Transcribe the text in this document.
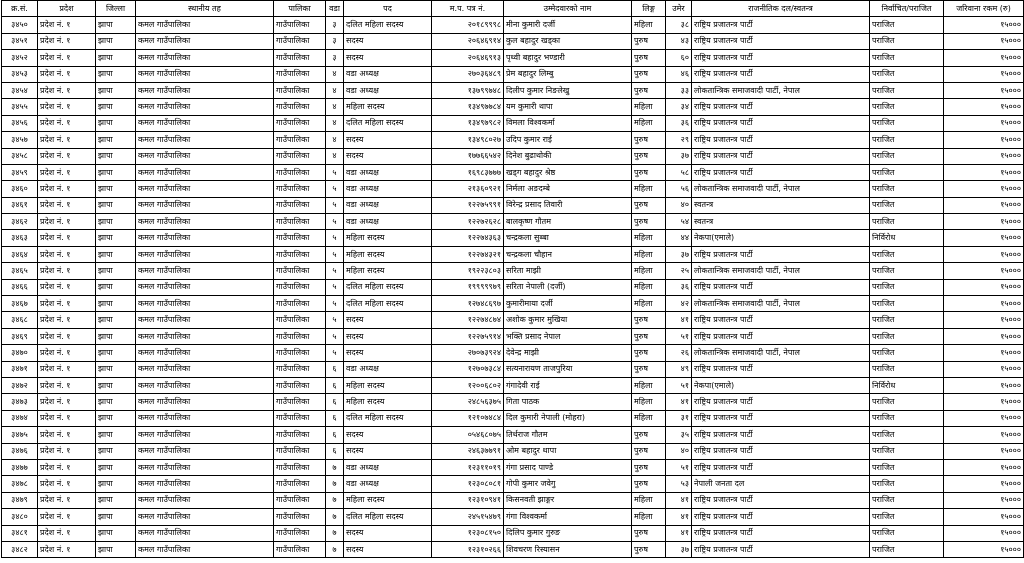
क्र.सं.	प्रदेश	जिल्ला	स्थानीय तह	पालिका	वडा	पद	म.प. पत्र नं.	उम्मेदवारको नाम	लिङ्ग	उमेर	राजनीतिक दल/स्वतन्त्र	निर्वाचित/पराजित	जरिवाना रकम (रु)
३४५०	प्रदेश नं. १	झापा	कमल गाउँपालिका	गाउँपालिका	३	दलित महिला सदस्य	२०१८९९९८	मीना कुमारी दर्जी	महिला	३८	राष्ट्रिय प्रजातन्त्र पार्टी	पराजित	१५०००
३४५१	प्रदेश नं. १	झापा	कमल गाउँपालिका	गाउँपालिका	३	सदस्य	२०६४६९१४	कुल बहादुर खड्का	पुरुष	४३	राष्ट्रिय प्रजातन्त्र पार्टी	पराजित	१५०००
३४५२	प्रदेश नं. १	झापा	कमल गाउँपालिका	गाउँपालिका	३	सदस्य	२०६४६९१३	पृथ्वी बहादुर भण्डारी	पुरुष	६०	राष्ट्रिय प्रजातन्त्र पार्टी	पराजित	१५०००
३४५३	प्रदेश नं. १	झापा	कमल गाउँपालिका	गाउँपालिका	४	वडा अध्यक्ष	२७०३६४८९	प्रेम बहादुर लिम्बु	पुरुष	४६	राष्ट्रिय प्रजातन्त्र पार्टी	पराजित	१५०००
३४५४	प्रदेश नं. १	झापा	कमल गाउँपालिका	गाउँपालिका	४	वडा अध्यक्ष	१३७९९७४८	दिलीप कुमार निङलेखु	पुरुष	३३	लोकतान्त्रिक समाजवादी पार्टी, नेपाल	पराजित	१५०००
३४५५	प्रदेश नं. १	झापा	कमल गाउँपालिका	गाउँपालिका	४	महिला सदस्य	१३४९७७८४	यम कुमारी थापा	महिला	३४	राष्ट्रिय प्रजातन्त्र पार्टी	पराजित	१५०००
३४५६	प्रदेश नं. १	झापा	कमल गाउँपालिका	गाउँपालिका	४	दलित महिला सदस्य	१३४९७९८२	विमला विश्वकर्मा	महिला	३६	राष्ट्रिय प्रजातन्त्र पार्टी	पराजित	१५०००
३४५७	प्रदेश नं. १	झापा	कमल गाउँपालिका	गाउँपालिका	४	सदस्य	१३४९८०२७	उदिप कुमार राई	पुरुष	२९	राष्ट्रिय प्रजातन्त्र पार्टी	पराजित	१५०००
३४५८	प्रदेश नं. १	झापा	कमल गाउँपालिका	गाउँपालिका	४	सदस्य	१७७६६५४२	दिनेश बुढाथोकी	पुरुष	३७	राष्ट्रिय प्रजातन्त्र पार्टी	पराजित	१५०००
३४५९	प्रदेश नं. १	झापा	कमल गाउँपालिका	गाउँपालिका	५	वडा अध्यक्ष	१६९८३७७७	खड्ग बहादुर श्रेष्ठ	पुरुष	५८	राष्ट्रिय प्रजातन्त्र पार्टी	पराजित	१५०००
३४६०	प्रदेश नं. १	झापा	कमल गाउँपालिका	गाउँपालिका	५	वडा अध्यक्ष	२१३६०९२१	निर्मला अङदम्बे	महिला	५६	लोकतान्त्रिक समाजवादी पार्टी, नेपाल	पराजित	१५०००
३४६१	प्रदेश नं. १	झापा	कमल गाउँपालिका	गाउँपालिका	५	वडा अध्यक्ष	१२२७५९९१	विरेन्द्र प्रसाद तिवारी	पुरुष	४०	स्वतन्त्र	पराजित	१५०००
३४६२	प्रदेश नं. १	झापा	कमल गाउँपालिका	गाउँपालिका	५	वडा अध्यक्ष	१२२७२६२८	बालकृष्ण गौतम	पुरुष	५४	स्वतन्त्र	पराजित	१५०००
३४६३	प्रदेश नं. १	झापा	कमल गाउँपालिका	गाउँपालिका	५	महिला सदस्य	१२२७४३६३	चन्द्रकला सुब्बा	महिला	४४	नेकपा(एमाले)	निर्विरोध	१५०००
३४६४	प्रदेश नं. १	झापा	कमल गाउँपालिका	गाउँपालिका	५	महिला सदस्य	१२२७४३२१	चन्द्रकला चौहान	महिला	३७	राष्ट्रिय प्रजातन्त्र पार्टी	पराजित	१५०००
३४६५	प्रदेश नं. १	झापा	कमल गाउँपालिका	गाउँपालिका	५	महिला सदस्य	१९२२३८०३	सरिता माझी	महिला	२५	लोकतान्त्रिक समाजवादी पार्टी, नेपाल	पराजित	१५०००
३४६६	प्रदेश नं. १	झापा	कमल गाउँपालिका	गाउँपालिका	५	दलित महिला सदस्य	१९९९९९७९	सरिता नेपाली (दर्जी)	महिला	३६	राष्ट्रिय प्रजातन्त्र पार्टी	पराजित	१५०००
३४६७	प्रदेश नं. १	झापा	कमल गाउँपालिका	गाउँपालिका	५	दलित महिला सदस्य	१२७४८६९७	कुमारीमाया दर्जी	महिला	४२	लोकतान्त्रिक समाजवादी पार्टी, नेपाल	पराजित	१५०००
३४६८	प्रदेश नं. १	झापा	कमल गाउँपालिका	गाउँपालिका	५	सदस्य	१२२७४८७४	अशोक कुमार मुखिया	पुरुष	४१	राष्ट्रिय प्रजातन्त्र पार्टी	पराजित	१५०००
३४६९	प्रदेश नं. १	झापा	कमल गाउँपालिका	गाउँपालिका	५	सदस्य	१२२७५९१४	भक्ति प्रसाद नेपाल	पुरुष	५१	राष्ट्रिय प्रजातन्त्र पार्टी	पराजित	१५०००
३४७०	प्रदेश नं. १	झापा	कमल गाउँपालिका	गाउँपालिका	५	सदस्य	२७०७३९२४	देवेन्द्र माझी	पुरुष	२६	लोकतान्त्रिक समाजवादी पार्टी, नेपाल	पराजित	१५०००
३४७१	प्रदेश नं. १	झापा	कमल गाउँपालिका	गाउँपालिका	६	वडा अध्यक्ष	१२७०७३८४	सत्यनारायण ताजपुरिया	पुरुष	४९	राष्ट्रिय प्रजातन्त्र पार्टी	पराजित	१५०००
३४७२	प्रदेश नं. १	झापा	कमल गाउँपालिका	गाउँपालिका	६	महिला सदस्य	१२००६८०२	गंगादेवी राई	महिला	५१	नेकपा(एमाले)	निर्विरोध	१५०००
३४७३	प्रदेश नं. १	झापा	कमल गाउँपालिका	गाउँपालिका	६	महिला सदस्य	२४८५६३७५	गिता पाठक	महिला	४१	राष्ट्रिय प्रजातन्त्र पार्टी	पराजित	१५०००
३४७४	प्रदेश नं. १	झापा	कमल गाउँपालिका	गाउँपालिका	६	दलित महिला सदस्य	१२१०७४८४	दिल कुमारी नेपाली (मोहरा)	महिला	३१	राष्ट्रिय प्रजातन्त्र पार्टी	पराजित	१५०००
३४७५	प्रदेश नं. १	झापा	कमल गाउँपालिका	गाउँपालिका	६	सदस्य	०५४६८०७५	तिर्थराज गौतम	पुरुष	३५	राष्ट्रिय प्रजातन्त्र पार्टी	पराजित	१५०००
३४७६	प्रदेश नं. १	झापा	कमल गाउँपालिका	गाउँपालिका	६	सदस्य	२४६३७७९१	ओम बहादुर थापा	पुरुष	४०	राष्ट्रिय प्रजातन्त्र पार्टी	पराजित	१५०००
३४७७	प्रदेश नं. १	झापा	कमल गाउँपालिका	गाउँपालिका	७	वडा अध्यक्ष	१२३११०१९	गंगा प्रसाद पाण्डे	पुरुष	५१	राष्ट्रिय प्रजातन्त्र पार्टी	पराजित	१५०००
३४७८	प्रदेश नं. १	झापा	कमल गाउँपालिका	गाउँपालिका	७	वडा अध्यक्ष	१२३०८०८१	गोपी कुमार जवेगु	पुरुष	५३	नेपाली जनता दल	पराजित	१५०००
३४७९	प्रदेश नं. १	झापा	कमल गाउँपालिका	गाउँपालिका	७	महिला सदस्य	१२३१०९४१	किसनवती झाङ्गर	महिला	४१	राष्ट्रिय प्रजातन्त्र पार्टी	पराजित	१५०००
३४८०	प्रदेश नं. १	झापा	कमल गाउँपालिका	गाउँपालिका	७	दलित महिला सदस्य	२४५१५४७९	गंगा विश्वकर्मा	महिला	४१	राष्ट्रिय प्रजातन्त्र पार्टी	पराजित	१५०००
३४८१	प्रदेश नं. १	झापा	कमल गाउँपालिका	गाउँपालिका	७	सदस्य	१२३०८१५०	दिलिप कुमार गुरुङ	पुरुष	४१	राष्ट्रिय प्रजातन्त्र पार्टी	पराजित	१५०००
३४८२	प्रदेश नं. १	झापा	कमल गाउँपालिका	गाउँपालिका	७	सदस्य	१२३१०२६६	शिवचरण रिस्यासन	पुरुष	३७	राष्ट्रिय प्रजातन्त्र पार्टी	पराजित	१५०००
